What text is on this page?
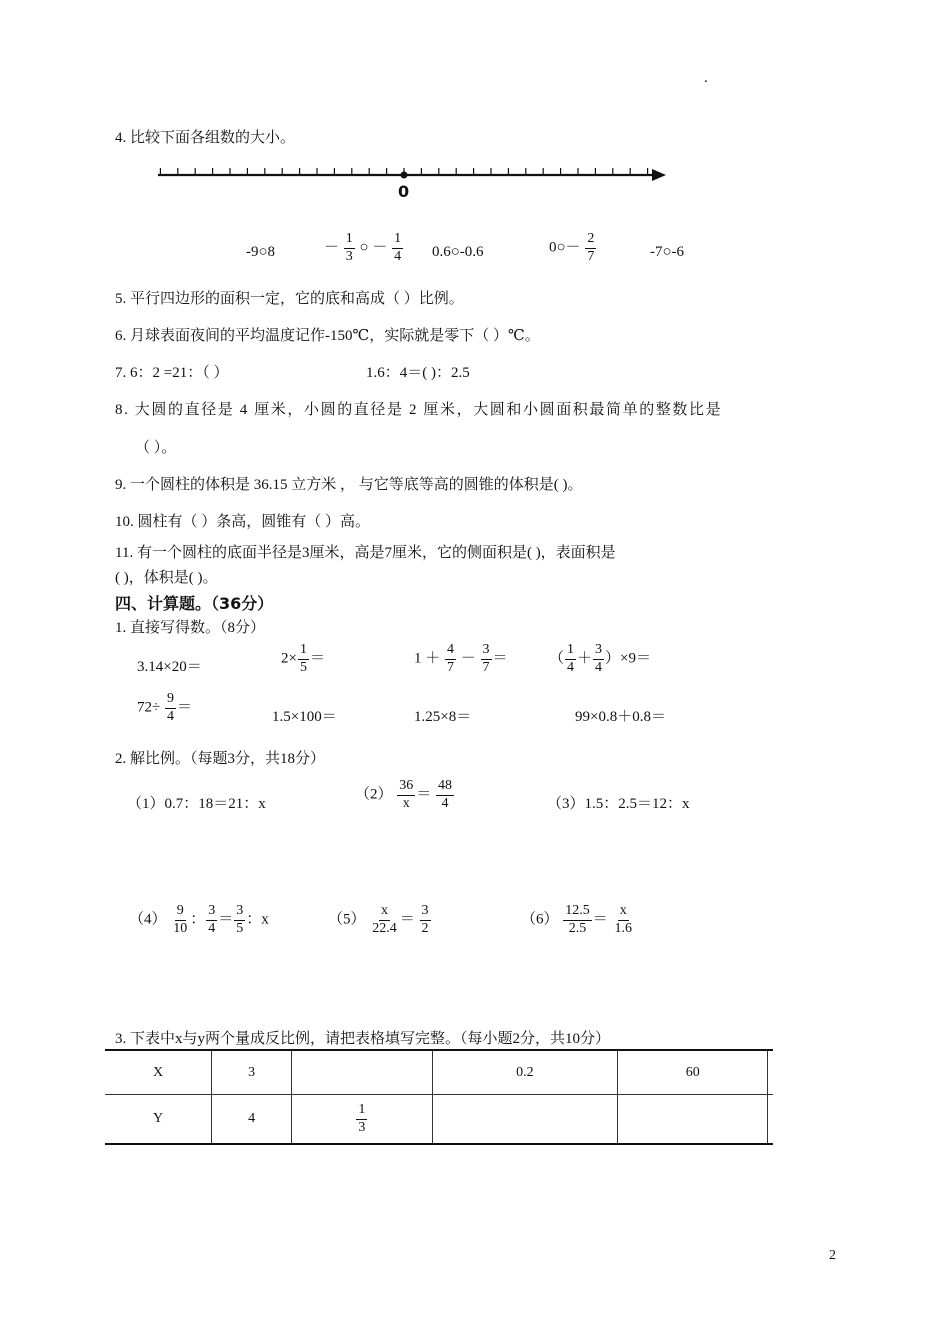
.
4. 比较下面各组数的大小。
0
-9○8	－ $\frac{1}{3}$ ○ － $\frac{1}{4}$ 0.6○-0.6	0○－ $\frac{2}{7}$	-7○-6
5. 平行四边形的面积一定，它的底和高成（ ）比例。
6. 月球表面夜间的平均温度记作-150℃，实际就是零下（ ）℃。
7. 6：2 =21：（ ）	1.6：4＝( )：2.5
8. 大圆的直径是 4 厘米，小圆的直径是 2 厘米，大圆和小圆面积最简单的整数比是
（ ）。
9. 一个圆柱的体积是 36.15 立方米 ， 与它等底等高的圆锥的体积是( )。
10. 圆柱有（ ）条高，圆锥有（ ）高。
11. 有一个圆柱的底面半径是3厘米，高是7厘米，它的侧面积是( )，表面积是
( )，体积是( )。
四、计算题。（36分）
1. 直接写得数。（8分）
3.14×20＝
$2\times \frac{1}{5}$ ＝	$1 + \frac{4}{7} - \frac{3}{7}$ ＝	（ $\frac{1}{4} + \frac{3}{4} )\times 9=$
$72\div \frac{9}{4}$ ＝
1.5×100＝	1.25×8＝	99×0.8＋0.8＝
2. 解比例。（每题3分，共18分）
（1）0.7：18＝21：x
$(2) \frac{36}{x} = \frac{48}{4}$	（3）1.5：2.5＝12：x
$(4) \frac{9}{10}$ ： $\frac{3}{4} = \frac{3}{5}$ ：x	$(5) \frac{x}{22.4} = \frac{3}{2}$	$(6) \frac{12.5}{2.5} = \frac{x}{1.6}$
3. 下表中x与y两个量成反比例，请把表格填写完整。（每小题2分，共10分）
X	3		0.2	60	
Y	4	$\frac{1}{3}$

2
